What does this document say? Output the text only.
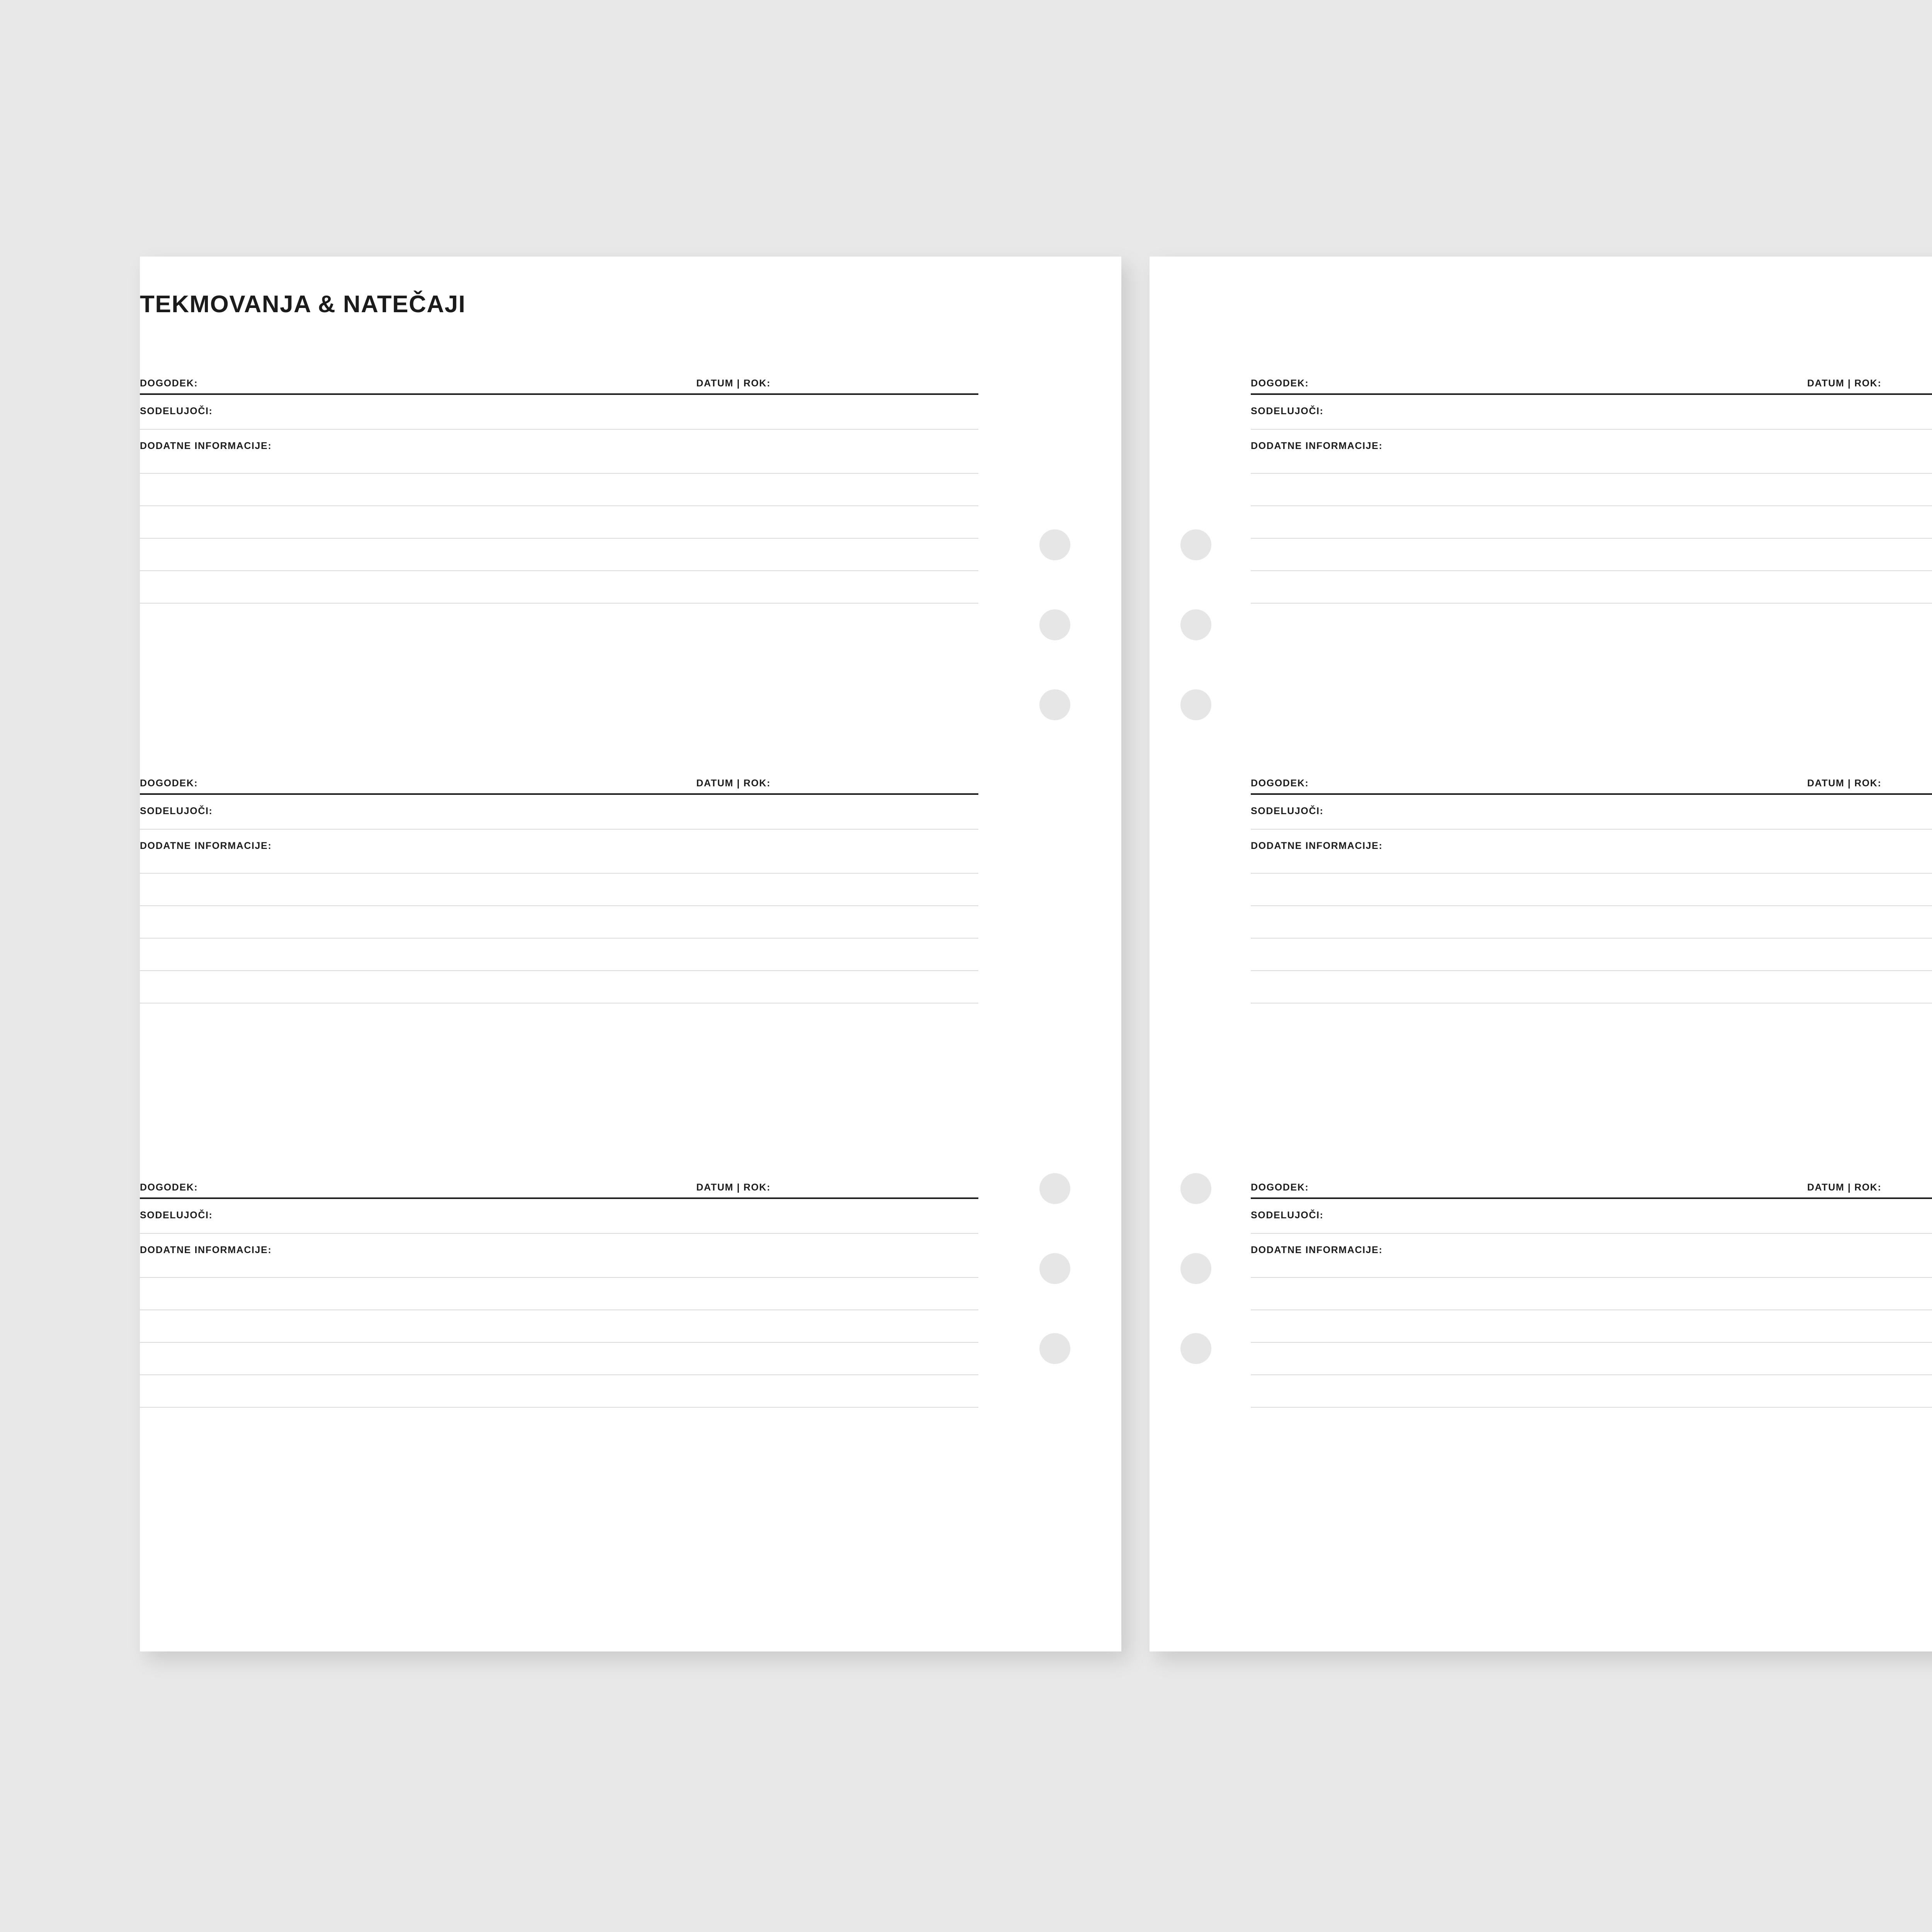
DOGODEK:	DATUM | ROK:
SODELUJOČI:
DODATNE INFORMACIJE:
DOGODEK:	DATUM | ROK:
SODELUJOČI:
DODATNE INFORMACIJE:
DOGODEK:	DATUM | ROK:
SODELUJOČI:
DODATNE INFORMACIJE:
TEKMOVANJA & NATEČAJI
DOGODEK:	DATUM | ROK:
SODELUJOČI:
DODATNE INFORMACIJE:
DOGODEK:	DATUM | ROK:
SODELUJOČI:
DODATNE INFORMACIJE:
DOGODEK:	DATUM | ROK:
SODELUJOČI:
DODATNE INFORMACIJE:
